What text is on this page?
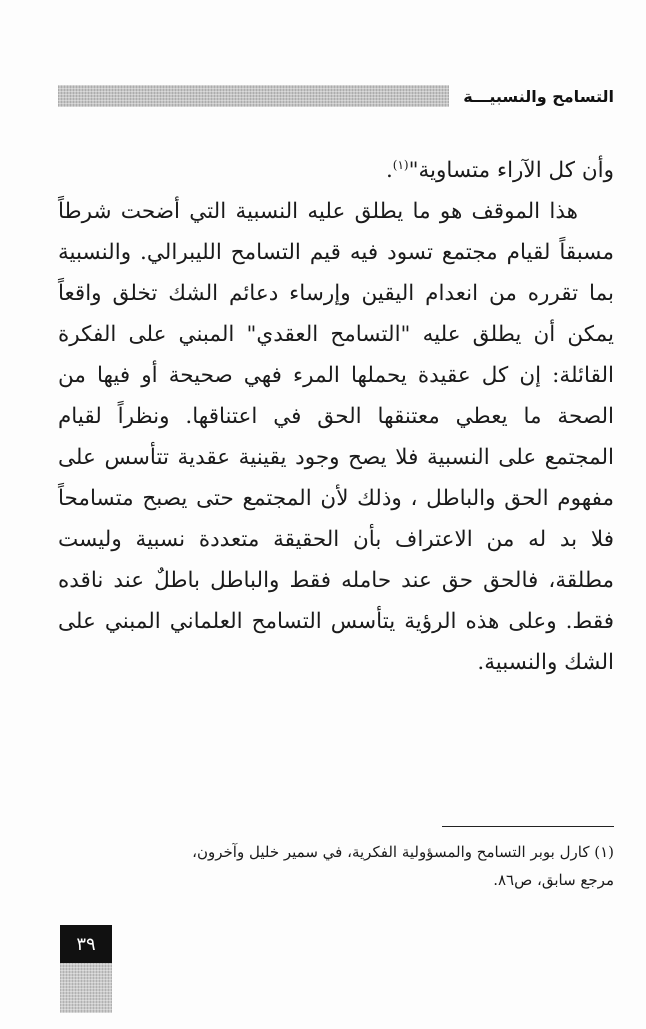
التسامح والنسبيـــة

وأن كل الآراء متساوية"$^{(١)}$.

هذا الموقف هو ما يطلق عليه النسبية التي أضحت شرطاً مسبقاً لقيام مجتمع تسود فيه قيم التسامح الليبرالي. والنسبية بما تقرره من انعدام اليقين وإرساء دعائم الشك تخلق واقعاً يمكن أن يطلق عليه "التسامح العقدي" المبني على الفكرة القائلة: إن كل عقيدة يحملها المرء فهي صحيحة أو فيها من الصحة ما يعطي معتنقها الحق في اعتناقها. ونظراً لقيام المجتمع على النسبية فلا يصح وجود يقينية عقدية تتأسس على مفهوم الحق والباطل ، وذلك لأن المجتمع حتى يصبح متسامحاً فلا بد له من الاعتراف بأن الحقيقة متعددة نسبية وليست مطلقة، فالحق حق عند حامله فقط والباطل باطلٌ عند ناقده فقط. وعلى هذه الرؤية يتأسس التسامح العلماني المبني على الشك والنسبية.

(١) كارل بوبر التسامح والمسؤولية الفكرية، في سمير خليل وآخرون،

مرجع سابق، ص٨٦.

٣٩
